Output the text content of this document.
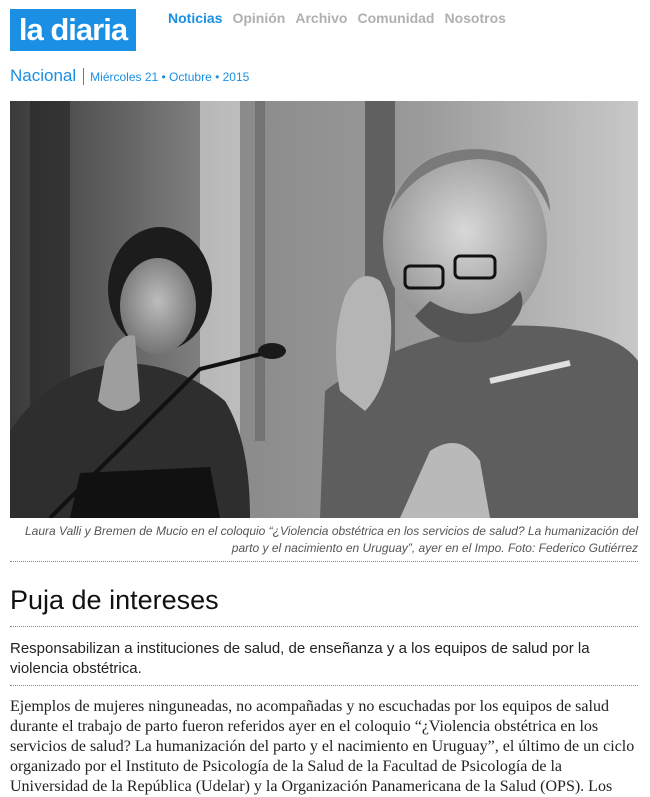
la diaria	Noticias Opinión Archivo Comunidad Nosotros
Nacional Miércoles 21 • Octubre • 2015
Laura Valli y Bremen de Mucio en el coloquio “¿Violencia obstétrica en los servicios de salud? La humanización del parto y el nacimiento en Uruguay”, ayer en el Impo. Foto: Federico Gutiérrez
Puja de intereses
Responsabilizan a instituciones de salud, de enseñanza y a los equipos de salud por la violencia obstétrica.

Ejemplos de mujeres ninguneadas, no acompañadas y no escuchadas por los equipos de salud durante el trabajo de parto fueron referidos ayer en el coloquio “¿Violencia obstétrica en los servicios de salud? La humanización del parto y el nacimiento en Uruguay”, el último de un ciclo organizado por el Instituto de Psicología de la Salud de la Facultad de Psicología de la Universidad de la República (Udelar) y la Organización Panamericana de la Salud (OPS). Los
